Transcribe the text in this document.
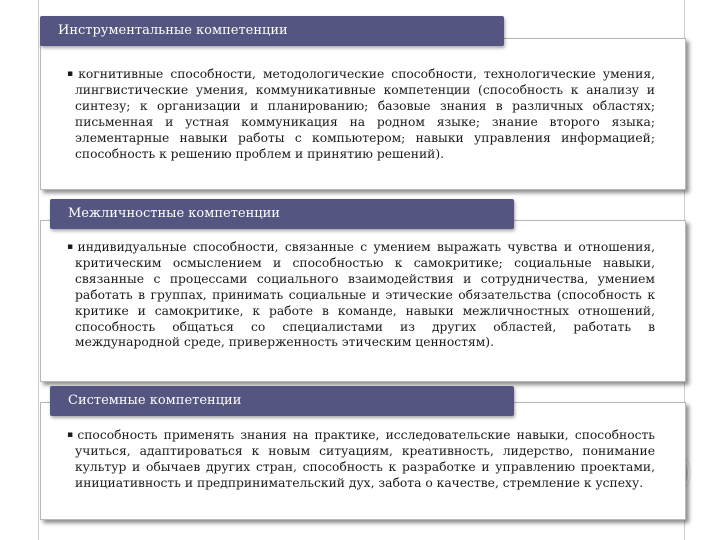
▪ когнитивные способности, методологические способности, технологические умения, лингвистические умения, коммуникативные компетенции (способность к анализу и синтезу; к организации и планированию; базовые знания в различных областях; письменная и устная коммуникация на родном языке; знание второго языка; элементарные навыки работы с компьютером; навыки управления информацией; способность к решению проблем и принятию решений).
Инструментальные компетенции
▪ индивидуальные способности, связанные с умением выражать чувства и отношения, критическим осмыслением и способностью к самокритике; социальные навыки, связанные с процессами социального взаимодействия и сотрудничества, умением работать в группах, принимать социальные и этические обязательства (способность к критике и самокритике, к работе в команде, навыки межличностных отношений, способность общаться со специалистами из других областей, работать в международной среде, приверженность этическим ценностям).
Межличностные компетенции
▪ способность применять знания на практике, исследовательские навыки, способность учиться, адаптироваться к новым ситуациям, креативность, лидерство, понимание культур и обычаев других стран, способность к разработке и управлению проектами, инициативность и предпринимательский дух, забота о качестве, стремление к успеху.
Системные компетенции
